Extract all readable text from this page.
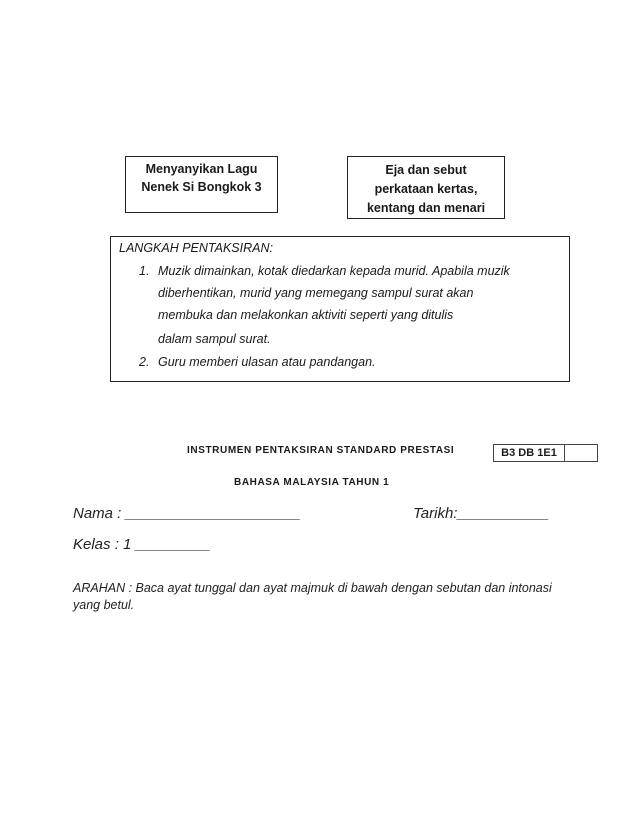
Menyanyikan Lagu
Nenek Si Bongkok 3
Eja dan sebut
perkataan kertas,
kentang dan menari
LANGKAH PENTAKSIRAN:
1. Muzik dimainkan, kotak diedarkan kepada murid. Apabila muzik
diberhentikan, murid yang memegang sampul surat akan
membuka dan melakonkan aktiviti seperti yang ditulis
dalam sampul surat.
2. Guru memberi ulasan atau pandangan.
INSTRUMEN PENTAKSIRAN STANDARD PRESTASI	B3 DB 1E1
BAHASA MALAYSIA TAHUN 1
Nama : _____________________	Tarikh:___________
Kelas : 1 _________
ARAHAN : Baca ayat tunggal dan ayat majmuk di bawah dengan sebutan dan intonasi yang betul.
